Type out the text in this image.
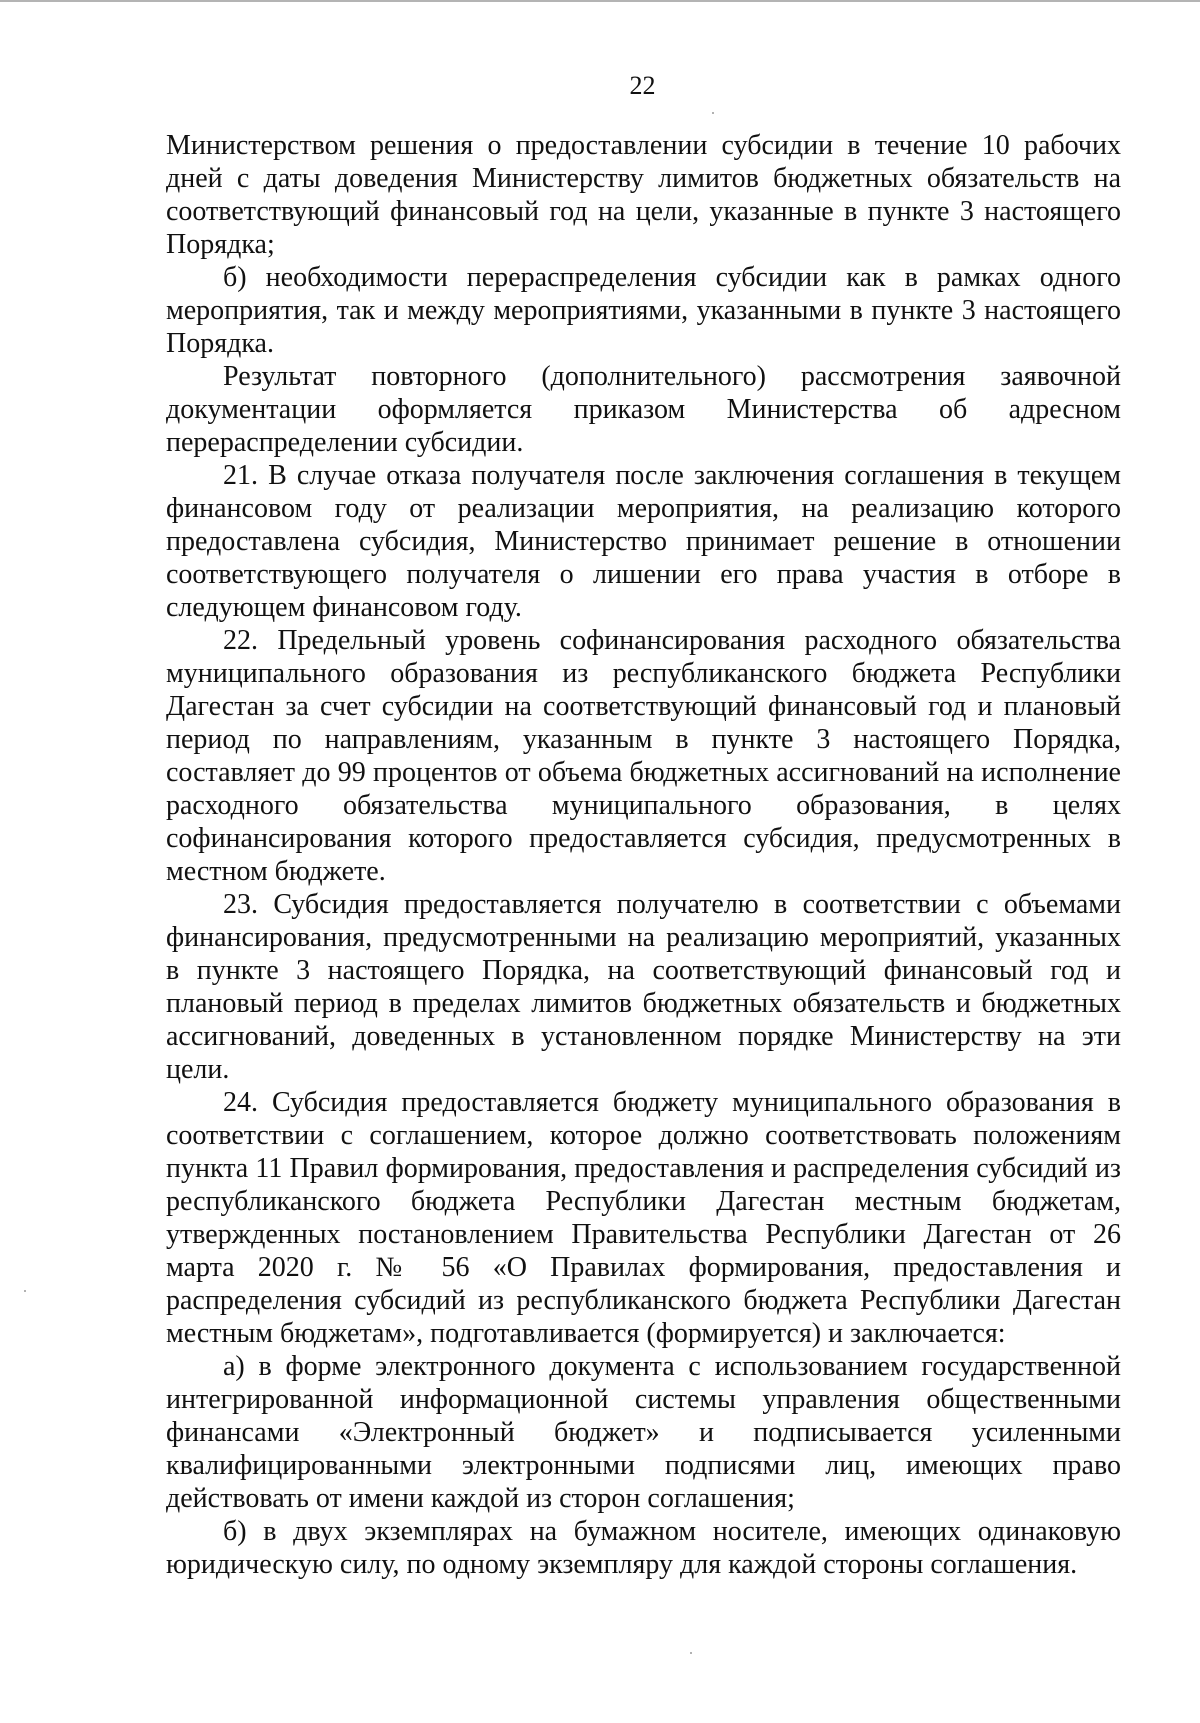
22

Министерством решения о предоставлении субсидии в течение 10 рабочих дней с даты доведения Министерству лимитов бюджетных обязательств на соответствующий финансовый год на цели, указанные в пункте 3 настоящего Порядка;

б) необходимости перераспределения субсидии как в рамках одного мероприятия, так и между мероприятиями, указанными в пункте 3 настоящего Порядка.

Результат повторного (дополнительного) рассмотрения заявочной документации оформляется приказом Министерства об адресном перераспределении субсидии.

21. В случае отказа получателя после заключения соглашения в текущем финансовом году от реализации мероприятия, на реализацию которого предоставлена субсидия, Министерство принимает решение в отношении соответствующего получателя о лишении его права участия в отборе в следующем финансовом году.

22. Предельный уровень софинансирования расходного обязательства муниципального образования из республиканского бюджета Республики Дагестан за счет субсидии на соответствующий финансовый год и плановый период по направлениям, указанным в пункте 3 настоящего Порядка, составляет до 99 процентов от объема бюджетных ассигнований на исполнение расходного обязательства муниципального образования, в целях софинансирования которого предоставляется субсидия, предусмотренных в местном бюджете.

23. Субсидия предоставляется получателю в соответствии с объемами финансирования, предусмотренными на реализацию мероприятий, указанных в пункте 3 настоящего Порядка, на соответствующий финансовый год и плановый период в пределах лимитов бюджетных обязательств и бюджетных ассигнований, доведенных в установленном порядке Министерству на эти цели.

24. Субсидия предоставляется бюджету муниципального образования в соответствии с соглашением, которое должно соответствовать положениям пункта 11 Правил формирования, предоставления и распределения субсидий из республиканского бюджета Республики Дагестан местным бюджетам, утвержденных постановлением Правительства Республики Дагестан от 26 марта 2020 г. № 56 «О Правилах формирования, предоставления и распределения субсидий из республиканского бюджета Республики Дагестан местным бюджетам», подготавливается (формируется) и заключается:

а) в форме электронного документа с использованием государственной интегрированной информационной системы управления общественными финансами «Электронный бюджет» и подписывается усиленными квалифицированными электронными подписями лиц, имеющих право действовать от имени каждой из сторон соглашения;

б) в двух экземплярах на бумажном носителе, имеющих одинаковую юридическую силу, по одному экземпляру для каждой стороны соглашения.
